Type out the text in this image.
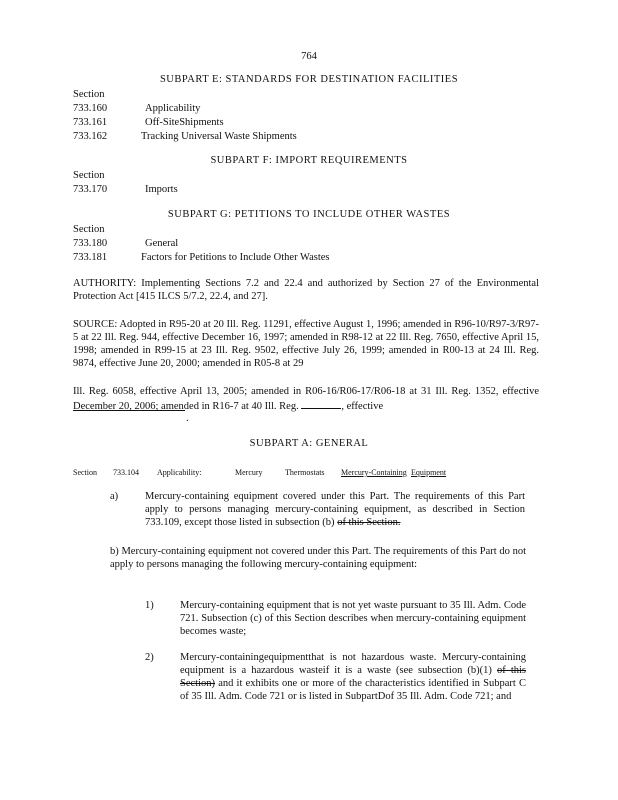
764
SUBPART E: STANDARDS FOR DESTINATION FACILITIES
Section
733.160	Applicability
733.161	Off-SiteShipments
733.162	Tracking Universal Waste Shipments
SUBPART F: IMPORT REQUIREMENTS
Section
733.170	Imports
SUBPART G: PETITIONS TO INCLUDE OTHER WASTES
Section
733.180	General
733.181	Factors for Petitions to Include Other Wastes
AUTHORITY: Implementing Sections 7.2 and 22.4 and authorized by Section 27 of the Environmental Protection Act [415 ILCS 5/7.2, 22.4, and 27].
SOURCE: Adopted in R95-20 at 20 Ill. Reg. 11291, effective August 1, 1996; amended in R96-10/R97-3/R97-5 at 22 Ill. Reg. 944, effective December 16, 1997; amended in R98-12 at 22 Ill. Reg. 7650, effective April 15, 1998; amended in R99-15 at 23 Ill. Reg. 9502, effective July 26, 1999; amended in R00-13 at 24 Ill. Reg. 9874, effective June 20, 2000; amended in R05-8 at 29
Ill. Reg. 6058, effective April 13, 2005; amended in R06-16/R06-17/R06-18 at 31 Ill. Reg. 1352, effective December 20, 2006; amended in R16-7 at 40 Ill. Reg.	, effective
.
SUBPART A: GENERAL
Section 733.104 Applicability:	Mercury	Thermostats Mercury-Containing Equipment
a)	Mercury-containing equipment covered under this Part. The requirements of this Part apply to persons managing mercury-containing equipment, as described in Section 733.109, except those listed in subsection (b) of this Section.
b) Mercury-containing equipment not covered under this Part. The requirements of this Part do not apply to persons managing the following mercury-containing equipment:
1)	Mercury-containing equipment that is not yet waste pursuant to 35 Ill. Adm. Code 721. Subsection (c) of this Section describes when mercury-containing equipment becomes waste;
2)	Mercury-containingequipmentthat is not hazardous waste. Mercury-containing equipment is a hazardous wasteif it is a waste (see subsection (b)(1) of this Section) and it exhibits one or more of the characteristics identified in Subpart C of 35 Ill. Adm. Code 721 or is listed in SubpartDof 35 Ill. Adm. Code 721; and
